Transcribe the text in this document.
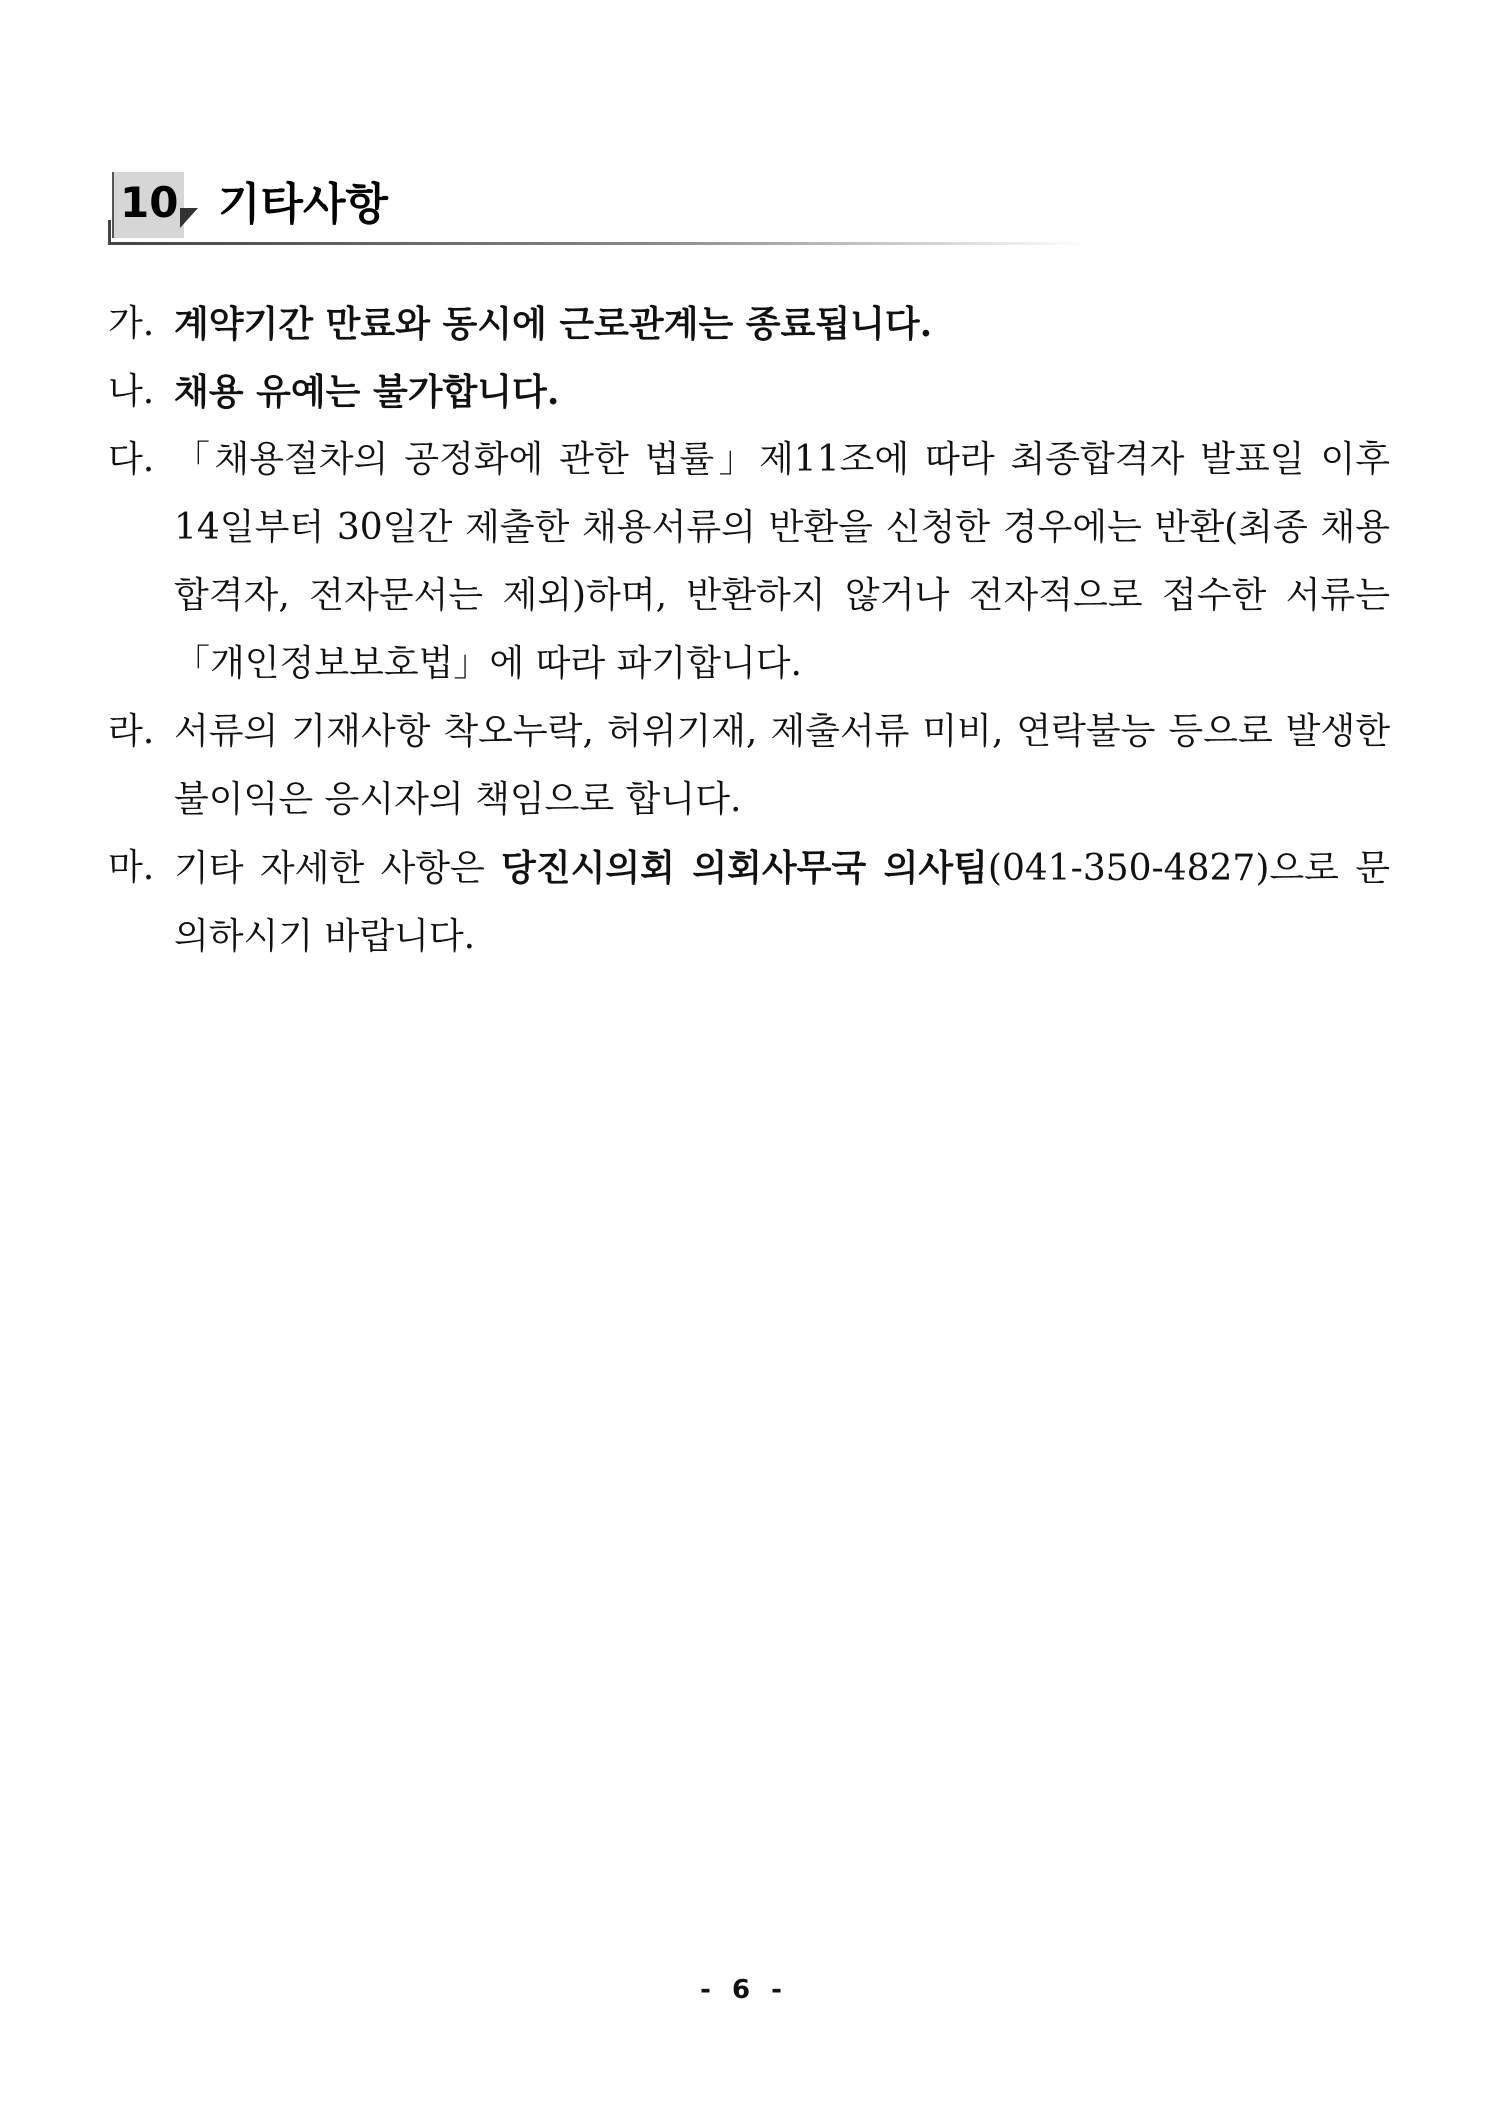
10 기타사항
가. 계약기간 만료와 동시에 근로관계는 종료됩니다.
나. 채용 유예는 불가합니다.
다. 「채용절차의 공정화에 관한 법률」제11조에 따라 최종합격자 발표일 이후 14일부터 30일간 제출한 채용서류의 반환을 신청한 경우에는 반환(최종 채용 합격자, 전자문서는 제외)하며, 반환하지 않거나 전자적으로 접수한 서류는 「개인정보보호법」에 따라 파기합니다.
라. 서류의 기재사항 착오누락, 허위기재, 제출서류 미비, 연락불능 등으로 발생한 불이익은 응시자의 책임으로 합니다.
마. 기타 자세한 사항은 당진시의회 의회사무국 의사팀(041-350-4827)으로 문의하시기 바랍니다.
- 6 -
